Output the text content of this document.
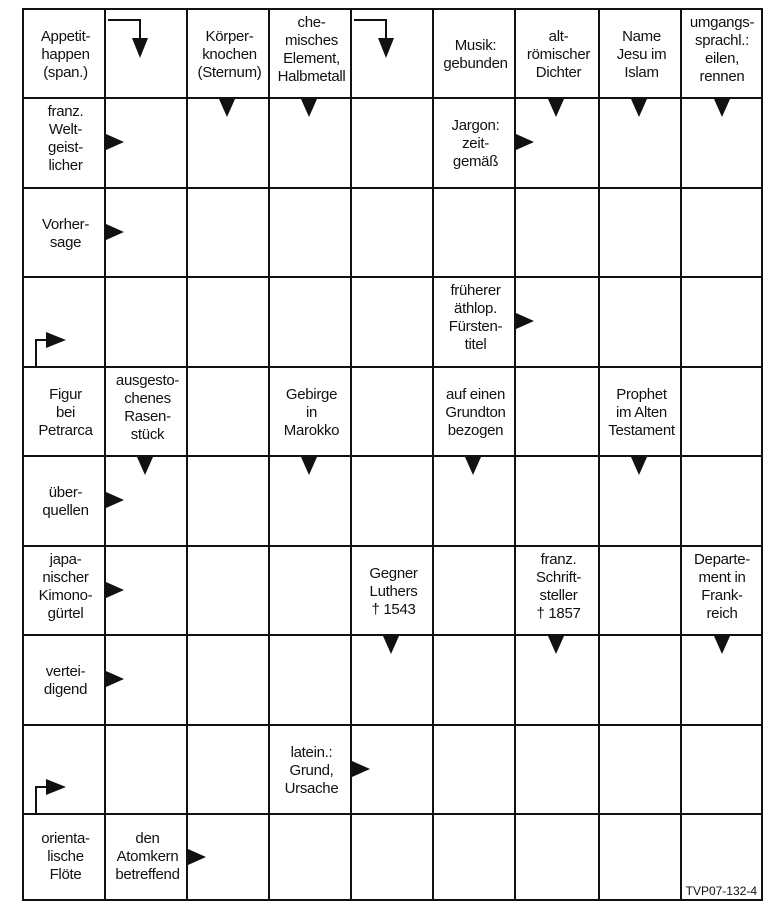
Appetit-
happen
(span.)
Körper-
knochen
(Sternum)
che-
misches
Element,
Halbmetall
Musik:
gebunden
alt-
römischer
Dichter
Name
Jesu im
Islam
umgangs-
sprachl.:
eilen,
rennen
franz.
Welt-
geist-
licher
Jargon:
zeit-
gemäß
Vorher-
sage
früherer
äthlop.
Fürsten-
titel
Figur
bei
Petrarca
ausgesto-
chenes
Rasen-
stück
Gebirge
in
Marokko
auf einen
Grundton
bezogen
Prophet
im Alten
Testament
über-
quellen
japa-
nischer
Kimono-
gürtel
Gegner
Luthers
† 1543
franz.
Schrift-
steller
† 1857
Departe-
ment in
Frank-
reich
vertei-
digend
latein.:
Grund,
Ursache
orienta-
lische
Flöte
den
Atomkern
betreffend
TVP07-132-4
